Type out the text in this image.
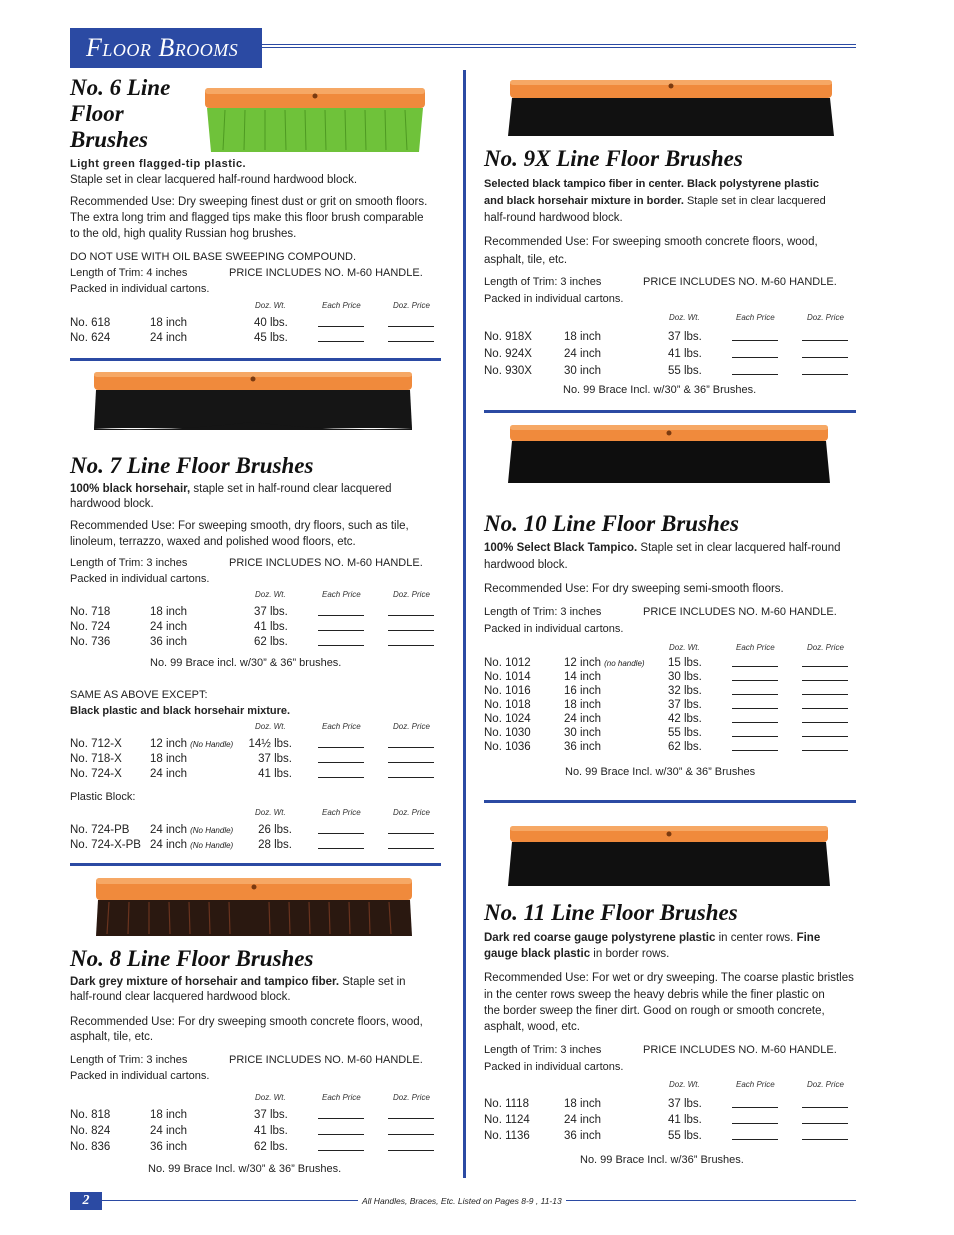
Floor Brooms
No. 6 Line
Floor
Brushes
Light green flagged-tip plastic.
Staple set in clear lacquered half-round hardwood block.
Recommended Use: Dry sweeping finest dust or grit on smooth floors.
The extra long trim and flagged tips make this floor brush comparable
to the old, high quality Russian hog brushes.
DO NOT USE WITH OIL BASE SWEEPING COMPOUND.
Length of Trim: 4 inches	PRICE INCLUDES NO. M-60 HANDLE.
Packed in individual cartons.
Doz. Wt.	Each Price	Doz. Price
No. 618	18 inch	40 lbs.
No. 624	24 inch	45 lbs.
No. 7 Line Floor Brushes
100% black horsehair, staple set in half-round clear lacquered
hardwood block.
Recommended Use: For sweeping smooth, dry floors, such as tile,
linoleum, terrazzo, waxed and polished wood floors, etc.
Length of Trim: 3 inches	PRICE INCLUDES NO. M-60 HANDLE.
Packed in individual cartons.
Doz. Wt.	Each Price	Doz. Price
No. 718	18 inch	37 lbs.
No. 724	24 inch	41 lbs.
No. 736	36 inch	62 lbs.
No. 99 Brace incl. w/30” & 36” brushes.
SAME AS ABOVE EXCEPT:
Black plastic and black horsehair mixture.
Doz. Wt.	Each Price	Doz. Price
No. 712-X 12 inch (No Handle) 14½ lbs.
No. 718-X 18 inch	37 lbs.
No. 724-X 24 inch	41 lbs.
Plastic Block:
Doz. Wt.	Each Price	Doz. Price
No. 724-PB 24 inch (No Handle) 26 lbs.
No. 724-X-PB 24 inch (No Handle) 28 lbs.
No. 8 Line Floor Brushes
Dark grey mixture of horsehair and tampico fiber. Staple set in
half-round clear lacquered hardwood block.
Recommended Use: For dry sweeping smooth concrete floors, wood,
asphalt, tile, etc.
Length of Trim: 3 inches	PRICE INCLUDES NO. M-60 HANDLE.
Packed in individual cartons.
Doz. Wt.	Each Price	Doz. Price
No. 818	18 inch	37 lbs.
No. 824	24 inch	41 lbs.
No. 836	36 inch	62 lbs.
No. 99 Brace Incl. w/30” & 36” Brushes.
No. 9X Line Floor Brushes
Selected black tampico fiber in center. Black polystyrene plastic
and black horsehair mixture in border. Staple set in clear lacquered
half-round hardwood block.
Recommended Use: For sweeping smooth concrete floors, wood,
asphalt, tile, etc.
Length of Trim: 3 inches	PRICE INCLUDES NO. M-60 HANDLE.
Packed in individual cartons.
Doz. Wt.	Each Price	Doz. Price
No. 918X	18 inch	37 lbs.
No. 924X	24 inch	41 lbs.
No. 930X	30 inch	55 lbs.
No. 99 Brace Incl. w/30” & 36” Brushes.
No. 10 Line Floor Brushes
100% Select Black Tampico. Staple set in clear lacquered half-round
hardwood block.
Recommended Use: For dry sweeping semi-smooth floors.
Length of Trim: 3 inches	PRICE INCLUDES NO. M-60 HANDLE.
Packed in individual cartons.
Doz. Wt.	Each Price	Doz. Price
No. 1012	12 inch (no handle) 15 lbs.
No. 1014	14 inch	30 lbs.
No. 1016	16 inch	32 lbs.
No. 1018	18 inch	37 lbs.
No. 1024	24 inch	42 lbs.
No. 1030	30 inch	55 lbs.
No. 1036	36 inch	62 lbs.
No. 99 Brace Incl. w/30” & 36” Brushes
No. 11 Line Floor Brushes
Dark red coarse gauge polystyrene plastic in center rows. Fine
gauge black plastic in border rows.
Recommended Use: For wet or dry sweeping. The coarse plastic bristles
in the center rows sweep the heavy debris while the finer plastic on
the border sweep the finer dirt. Good on rough or smooth concrete,
asphalt, wood, etc.
Length of Trim: 3 inches	PRICE INCLUDES NO. M-60 HANDLE.
Packed in individual cartons.
Doz. Wt.	Each Price	Doz. Price
No. 1118	18 inch	37 lbs.
No. 1124	24 inch	41 lbs.
No. 1136	36 inch	55 lbs.
No. 99 Brace Incl. w/36” Brushes.
2	All Handles, Braces, Etc. Listed on Pages 8-9 , 11-13
